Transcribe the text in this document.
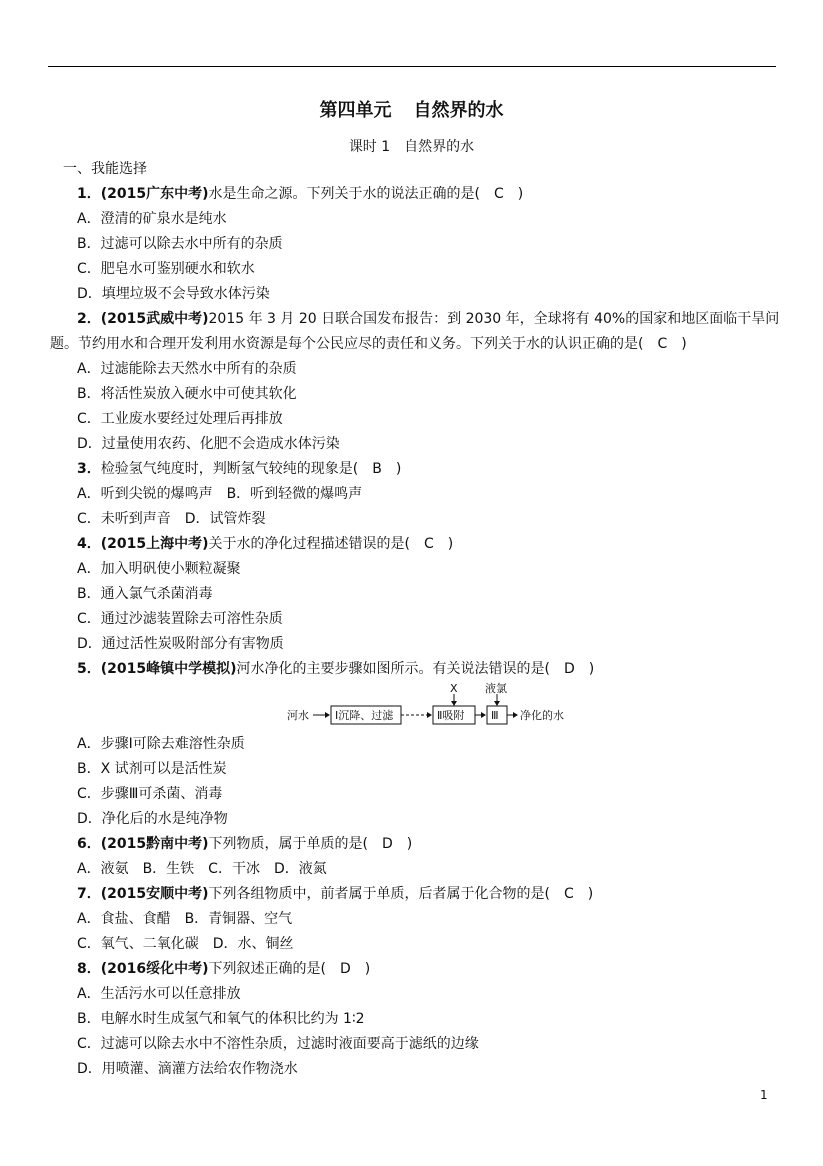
第四单元 自然界的水
课时 1　自然界的水
一、我能选择
1．(2015广东中考)水是生命之源。下列关于水的说法正确的是(　C　)
A．澄清的矿泉水是纯水
B．过滤可以除去水中所有的杂质
C．肥皂水可鉴别硬水和软水
D．填埋垃圾不会导致水体污染
2．(2015武威中考)2015 年 3 月 20 日联合国发布报告：到 2030 年，全球将有 40%的国家和地区面临干旱问
题。节约用水和合理开发利用水资源是每个公民应尽的责任和义务。下列关于水的认识正确的是(　C　)
A．过滤能除去天然水中所有的杂质
B．将活性炭放入硬水中可使其软化
C．工业废水要经过处理后再排放
D．过量使用农药、化肥不会造成水体污染
3．检验氢气纯度时，判断氢气较纯的现象是(　B　)
A．听到尖锐的爆鸣声　B．听到轻微的爆鸣声
C．未听到声音　D．试管炸裂
4．(2015上海中考)关于水的净化过程描述错误的是(　C　)
A．加入明矾使小颗粒凝聚
B．通入氯气杀菌消毒
C．通过沙滤装置除去可溶性杂质
D．通过活性炭吸附部分有害物质
5．(2015峰镇中学模拟)河水净化的主要步骤如图所示。有关说法错误的是(　D　)
河水 Ⅰ沉降、过滤	Ⅱ吸附
X
Ⅲ
液氯
净化的水
A．步骤Ⅰ可除去难溶性杂质
B．X 试剂可以是活性炭
C．步骤Ⅲ可杀菌、消毒
D．净化后的水是纯净物
6．(2015黔南中考)下列物质，属于单质的是(　D　)
A．液氨　B．生铁　C．干冰　D．液氮
7．(2015安顺中考)下列各组物质中，前者属于单质，后者属于化合物的是(　C　)
A．食盐、食醋　B．青铜器、空气
C．氧气、二氧化碳　D．水、铜丝
8．(2016绥化中考)下列叙述正确的是(　D　)
A．生活污水可以任意排放
B．电解水时生成氢气和氧气的体积比约为 1∶2
C．过滤可以除去水中不溶性杂质，过滤时液面要高于滤纸的边缘
D．用喷灌、滴灌方法给农作物浇水
1
